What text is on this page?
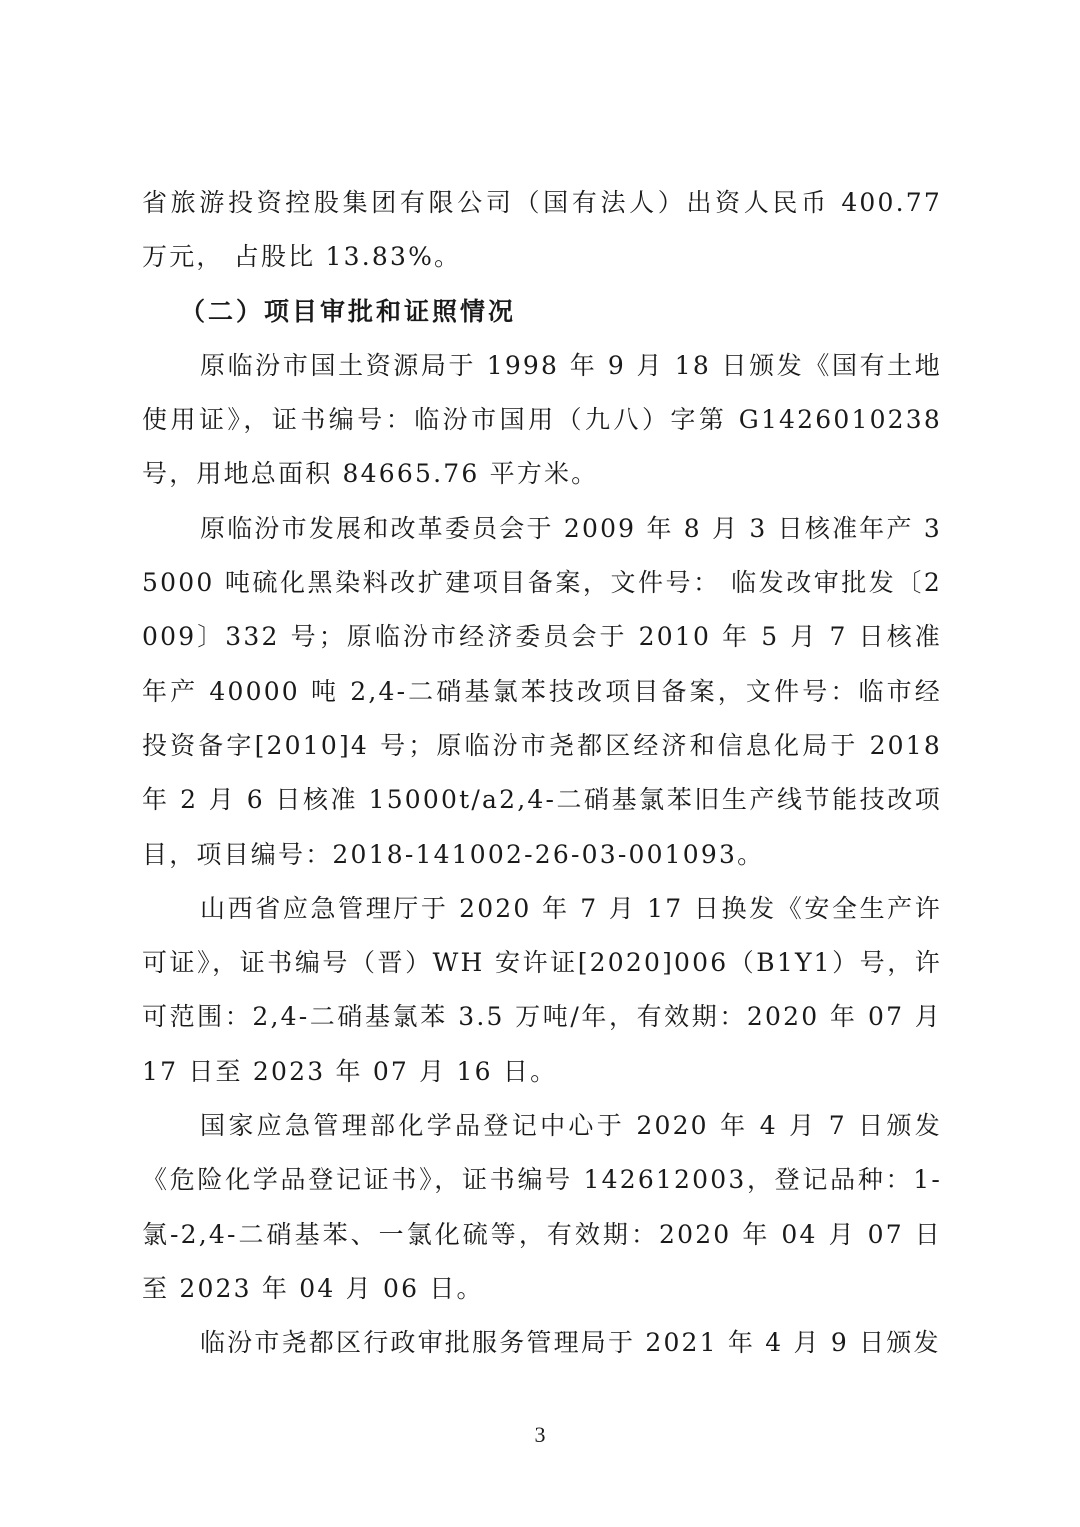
省旅游投资控股集团有限公司（国有法人）出资人民币 400.77 万元， 占股比 13.83%。

（二）项目审批和证照情况

原临汾市国土资源局于 1998 年 9 月 18 日颁发《国有土地使用证》，证书编号：临汾市国用（九八）字第 G1426010238 号，用地总面积 84665.76 平方米。

原临汾市发展和改革委员会于 2009 年 8 月 3 日核准年产 35000 吨硫化黑染料改扩建项目备案，文件号： 临发改审批发〔2009〕332 号；原临汾市经济委员会于 2010 年 5 月 7 日核准年产 40000 吨 2,4-二硝基氯苯技改项目备案，文件号：临市经投资备字[2010]4 号；原临汾市尧都区经济和信息化局于 2018 年 2 月 6 日核准 15000t/a2,4-二硝基氯苯旧生产线节能技改项目，项目编号：2018-141002-26-03-001093。

山西省应急管理厅于 2020 年 7 月 17 日换发《安全生产许可证》，证书编号（晋）WH 安许证[2020]006（B1Y1）号，许可范围：2,4-二硝基氯苯 3.5 万吨/年，有效期：2020 年 07 月 17 日至 2023 年 07 月 16 日。

国家应急管理部化学品登记中心于 2020 年 4 月 7 日颁发《危险化学品登记证书》，证书编号 142612003，登记品种：1-氯-2,4-二硝基苯、一氯化硫等，有效期：2020 年 04 月 07 日至 2023 年 04 月 06 日。

临汾市尧都区行政审批服务管理局于 2021 年 4 月 9 日颁发

3
